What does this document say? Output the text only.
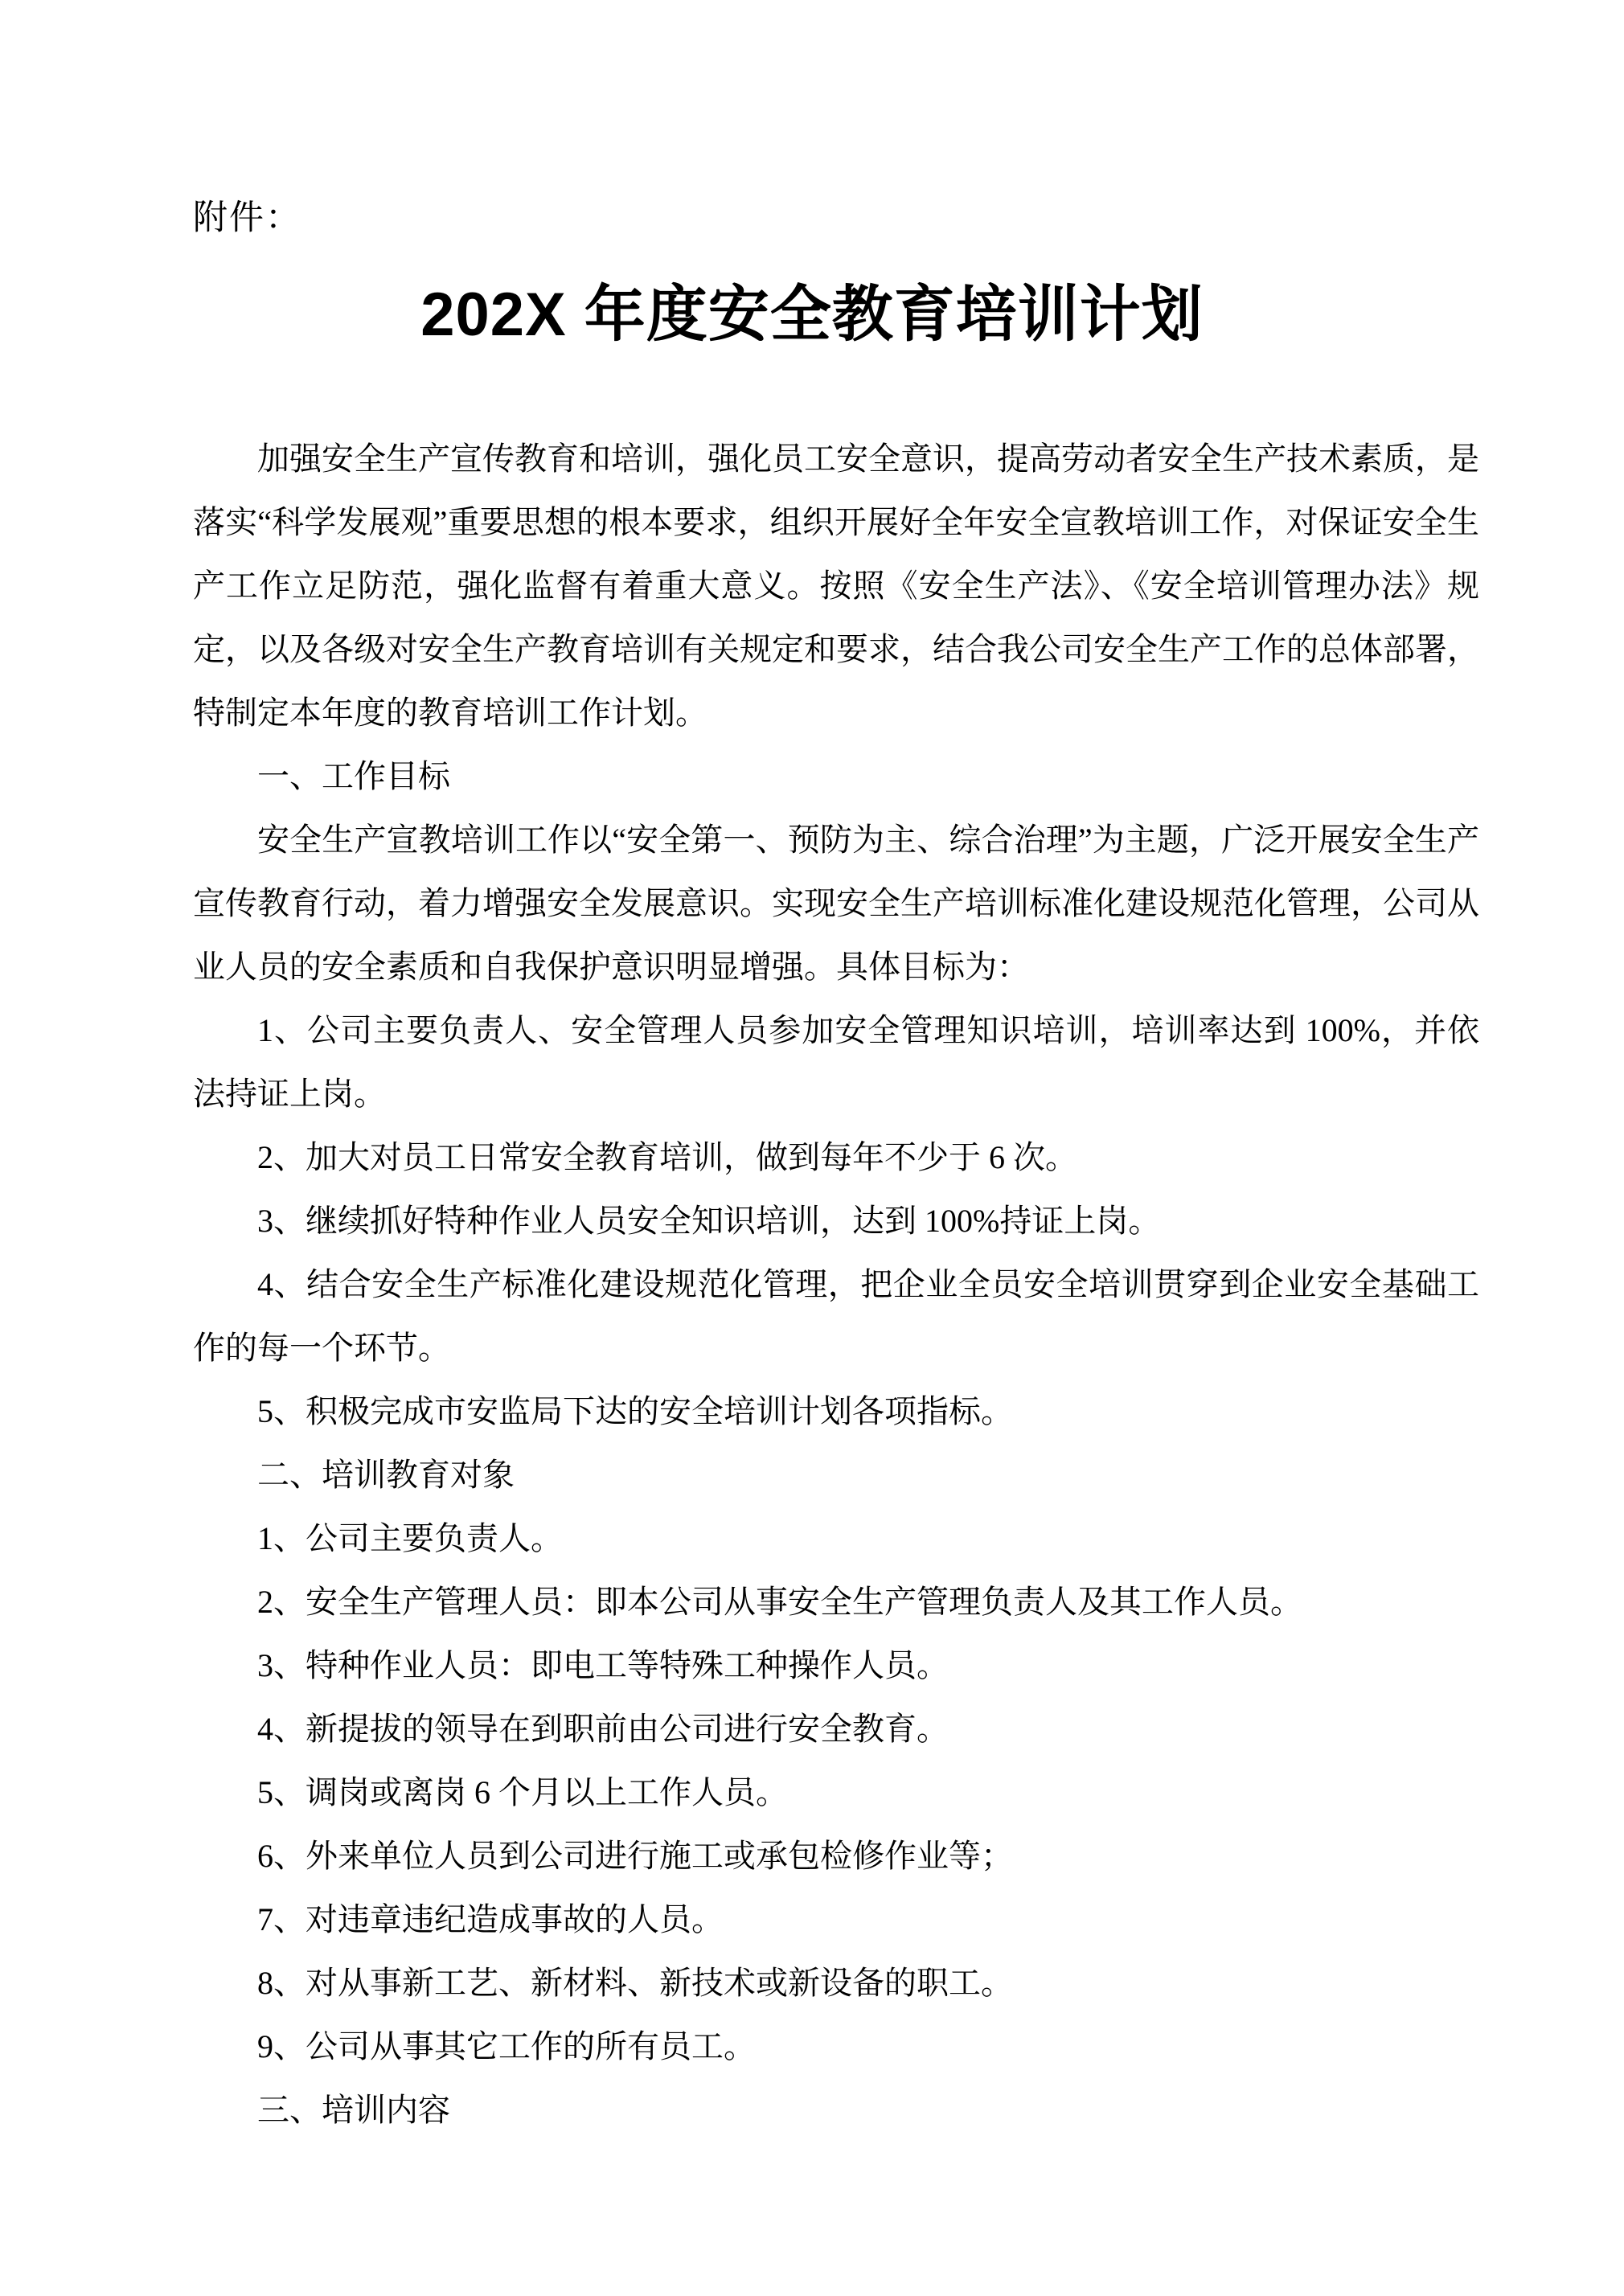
附件：
202X 年度安全教育培训计划

加强安全生产宣传教育和培训，强化员工安全意识，提高劳动者安全生产技术素质，是落实“科学发展观”重要思想的根本要求，组织开展好全年安全宣教培训工作，对保证安全生产工作立足防范，强化监督有着重大意义。按照《安全生产法》、《安全培训管理办法》规定，以及各级对安全生产教育培训有关规定和要求，结合我公司安全生产工作的总体部署，特制定本年度的教育培训工作计划。

一、工作目标

安全生产宣教培训工作以“安全第一、预防为主、综合治理”为主题，广泛开展安全生产宣传教育行动，着力增强安全发展意识。实现安全生产培训标准化建设规范化管理，公司从业人员的安全素质和自我保护意识明显增强。具体目标为：

1、公司主要负责人、安全管理人员参加安全管理知识培训，培训率达到 100%，并依法持证上岗。

2、加大对员工日常安全教育培训，做到每年不少于 6 次。

3、继续抓好特种作业人员安全知识培训，达到 100%持证上岗。

4、结合安全生产标准化建设规范化管理，把企业全员安全培训贯穿到企业安全基础工作的每一个环节。

5、积极完成市安监局下达的安全培训计划各项指标。

二、培训教育对象

1、公司主要负责人。

2、安全生产管理人员：即本公司从事安全生产管理负责人及其工作人员。

3、特种作业人员：即电工等特殊工种操作人员。

4、新提拔的领导在到职前由公司进行安全教育。

5、调岗或离岗 6 个月以上工作人员。

6、外来单位人员到公司进行施工或承包检修作业等；

7、对违章违纪造成事故的人员。

8、对从事新工艺、新材料、新技术或新设备的职工。

9、公司从事其它工作的所有员工。

三、培训内容
